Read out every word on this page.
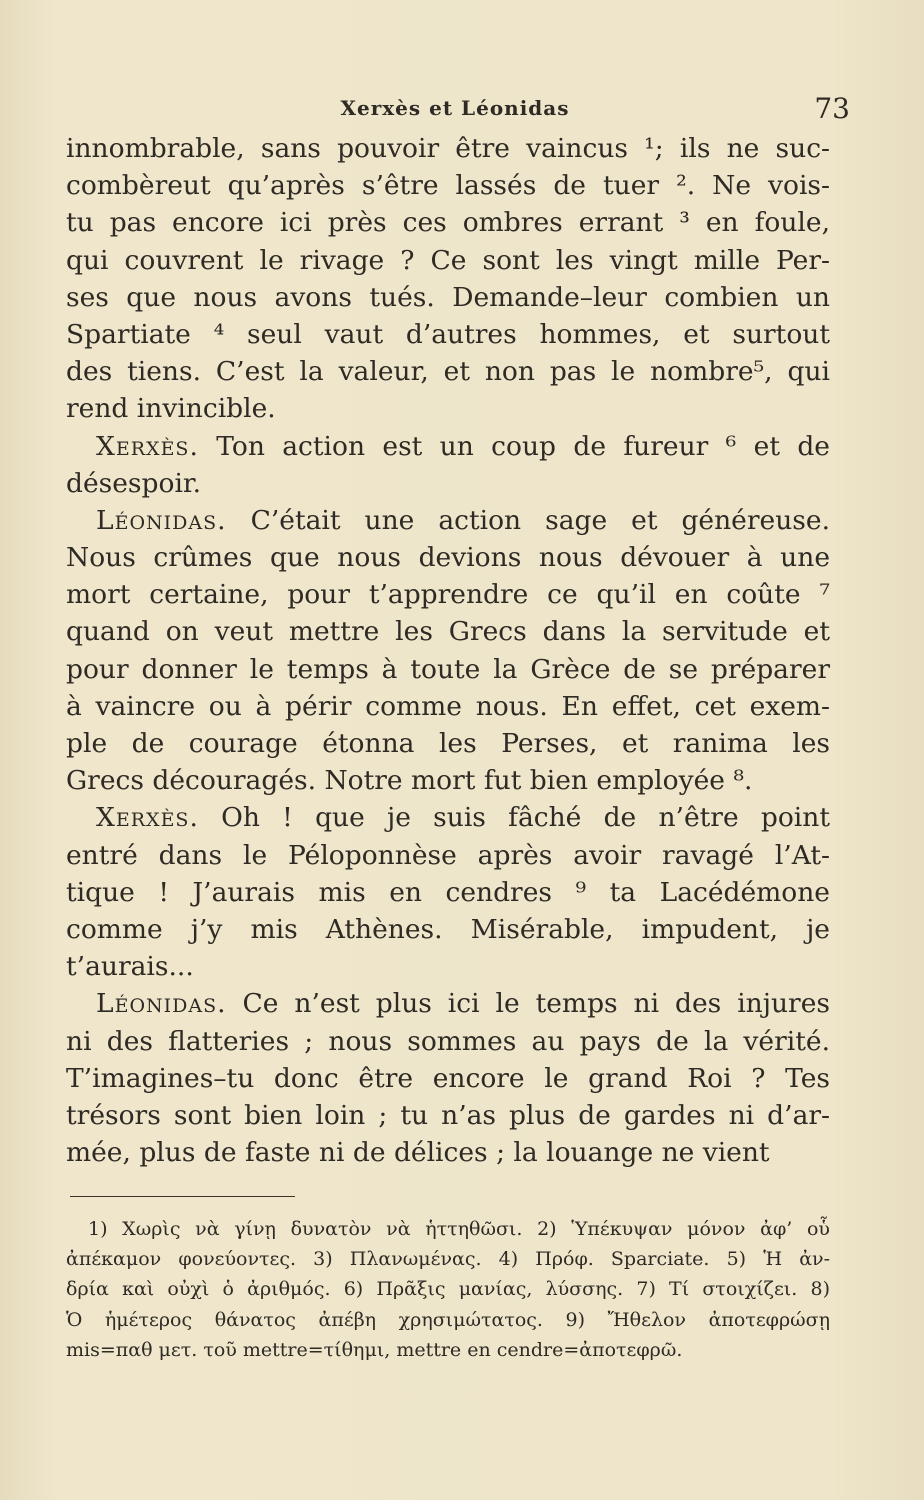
Xerxès et Léonidas	73
innombrable, sans pouvoir être vaincus ¹; ils ne suc-
combèreut qu’après s’être lassés de tuer ². Ne vois-
tu pas encore ici près ces ombres errant ³ en foule,
qui couvrent le rivage ? Ce sont les vingt mille Per-
ses que nous avons tués. Demande–leur combien un
Spartiate ⁴ seul vaut d’autres hommes, et surtout
des tiens. C’est la valeur, et non pas le nombre⁵, qui
rend invincible.
Xerxès. Ton action est un coup de fureur ⁶ et de
désespoir.
Léonidas. C’était une action sage et généreuse.
Nous crûmes que nous devions nous dévouer à une
mort certaine, pour t’apprendre ce qu’il en coûte ⁷
quand on veut mettre les Grecs dans la servitude et
pour donner le temps à toute la Grèce de se préparer
à vaincre ou à périr comme nous. En effet, cet exem-
ple de courage étonna les Perses, et ranima les
Grecs découragés. Notre mort fut bien employée ⁸.
Xerxès. Oh ! que je suis fâché de n’être point
entré dans le Péloponnèse après avoir ravagé l’At-
tique ! J’aurais mis en cendres ⁹ ta Lacédémone
comme j’y mis Athènes. Misérable, impudent, je
t’aurais...
Léonidas. Ce n’est plus ici le temps ni des injures
ni des flatteries ; nous sommes au pays de la vérité.
T’imagines–tu donc être encore le grand Roi ? Tes
trésors sont bien loin ; tu n’as plus de gardes ni d’ar-
mée, plus de faste ni de délices ; la louange ne vient
1) Χωρὶς νὰ γίνῃ δυνατὸν νὰ ἡττηθῶσι. 2) Ὑπέκυψαν μόνον ἀφ’ οὗ
ἀπέκαμον φονεύοντες. 3) Πλανωμένας. 4) Πρόφ. Sparciate. 5) Ἡ ἀν-
δρία καὶ οὐχὶ ὁ ἀριθμός. 6) Πρᾶξις μανίας, λύσσης. 7) Τί στοιχίζει. 8)
Ὁ ἡμέτερος θάνατος ἀπέβη χρησιμώτατος. 9) Ἤθελον ἀποτεφρώσῃ
mis=παθ μετ. τοῦ mettre=τίθημι, mettre en cendre=ἀποτεφρῶ.
